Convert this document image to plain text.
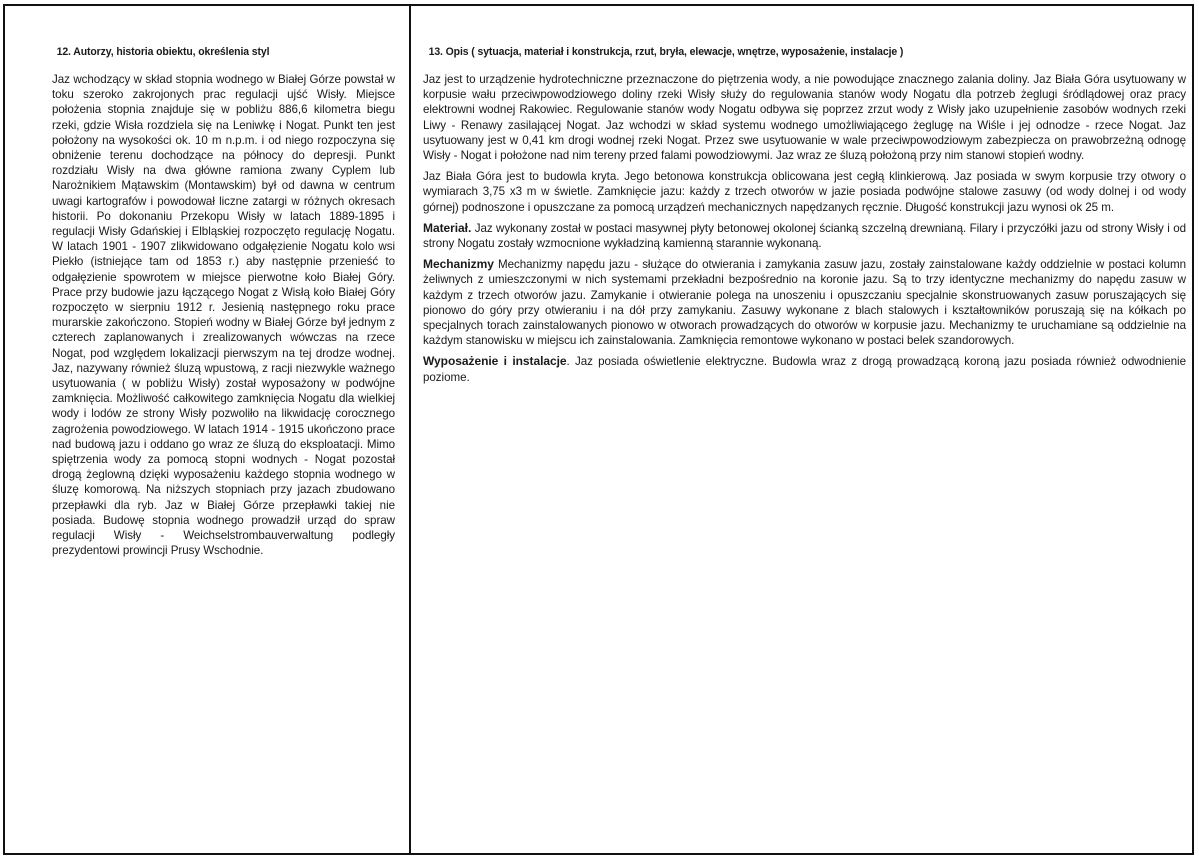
12. Autorzy, historia obiektu, określenia styl
Jaz wchodzący w skład stopnia wodnego w Białej Górze powstał w toku szeroko zakrojonych prac regulacji ujść Wisły. Miejsce położenia stopnia znajduje się w pobliżu 886,6 kilometra biegu rzeki, gdzie Wisła rozdziela się na Leniwkę i Nogat. Punkt ten jest położony na wysokości ok. 10 m n.p.m. i od niego rozpoczyna się obniżenie terenu dochodzące na północy do depresji. Punkt rozdziału Wisły na dwa główne ramiona zwany Cyplem lub Narożnikiem Mątawskim (Montawskim) był od dawna w centrum uwagi kartografów i powodował liczne zatargi w różnych okresach historii. Po dokonaniu Przekopu Wisły w latach 1889-1895 i regulacji Wisły Gdańskiej i Elbląskiej rozpoczęto regulację Nogatu. W latach 1901 - 1907 zlikwidowano odgałęzienie Nogatu kolo wsi Piekło (istniejące tam od 1853 r.) aby następnie przenieść to odgałęzienie spowrotem w miejsce pierwotne koło Białej Góry. Prace przy budowie jazu łączącego Nogat z Wisłą koło Białej Góry rozpoczęto w sierpniu 1912 r. Jesienią następnego roku prace murarskie zakończono. Stopień wodny w Białej Górze był jednym z czterech zaplanowanych i zrealizowanych wówczas na rzece Nogat, pod względem lokalizacji pierwszym na tej drodze wodnej. Jaz, nazywany również śluzą wpustową, z racji niezwykle ważnego usytuowania ( w pobliżu Wisły) został wyposażony w podwójne zamknięcia. Możliwość całkowitego zamknięcia Nogatu dla wielkiej wody i lodów ze strony Wisły pozwoliło na likwidację corocznego zagrożenia powodziowego. W latach 1914 - 1915 ukończono prace nad budową jazu i oddano go wraz ze śluzą do eksploatacji. Mimo spiętrzenia wody za pomocą stopni wodnych - Nogat pozostał drogą żeglowną dzięki wyposażeniu każdego stopnia wodnego w śluzę komorową. Na niższych stopniach przy jazach zbudowano przepławki dla ryb. Jaz w Białej Górze przepławki takiej nie posiada. Budowę stopnia wodnego prowadził urząd do spraw regulacji Wisły - Weichselstrombauverwaltung podległy prezydentowi prowincji Prusy Wschodnie.
13. Opis ( sytuacja, materiał i konstrukcja, rzut, bryła, elewacje, wnętrze, wyposażenie, instalacje )

Jaz jest to urządzenie hydrotechniczne przeznaczone do piętrzenia wody, a nie powodujące znacznego zalania doliny. Jaz Biała Góra usytuowany w korpusie wału przeciwpowodziowego doliny rzeki Wisły służy do regulowania stanów wody Nogatu dla potrzeb żeglugi śródlądowej oraz pracy elektrowni wodnej Rakowiec. Regulowanie stanów wody Nogatu odbywa się poprzez zrzut wody z Wisły jako uzupełnienie zasobów wodnych rzeki Liwy - Renawy zasilającej Nogat. Jaz wchodzi w skład systemu wodnego umożliwiającego żeglugę na Wiśle i jej odnodze - rzece Nogat. Jaz usytuowany jest w 0,41 km drogi wodnej rzeki Nogat. Przez swe usytuowanie w wale przeciwpowodziowym zabezpiecza on prawobrzeżną odnogę Wisły - Nogat i położone nad nim tereny przed falami powodziowymi. Jaz wraz ze śluzą położoną przy nim stanowi stopień wodny.

Jaz Biała Góra jest to budowla kryta. Jego betonowa konstrukcja oblicowana jest cegłą klinkierową. Jaz posiada w swym korpusie trzy otwory o wymiarach 3,75 x3 m w świetle. Zamknięcie jazu: każdy z trzech otworów w jazie posiada podwójne stalowe zasuwy (od wody dolnej i od wody górnej) podnoszone i opuszczane za pomocą urządzeń mechanicznych napędzanych ręcznie. Długość konstrukcji jazu wynosi ok 25 m.

Materiał. Jaz wykonany został w postaci masywnej płyty betonowej okolonej ścianką szczelną drewnianą. Filary i przyczółki jazu od strony Wisły i od strony Nogatu zostały wzmocnione wykładziną kamienną starannie wykonaną.

Mechanizmy Mechanizmy napędu jazu - służące do otwierania i zamykania zasuw jazu, zostały zainstalowane każdy oddzielnie w postaci kolumn żeliwnych z umieszczonymi w nich systemami przekładni bezpośrednio na koronie jazu. Są to trzy identyczne mechanizmy do napędu zasuw w każdym z trzech otworów jazu. Zamykanie i otwieranie polega na unoszeniu i opuszczaniu specjalnie skonstruowanych zasuw poruszających się pionowo do góry przy otwieraniu i na dół przy zamykaniu. Zasuwy wykonane z blach stalowych i kształtowników poruszają się na kółkach po specjalnych torach zainstalowanych pionowo w otworach prowadzących do otworów w korpusie jazu. Mechanizmy te uruchamiane są oddzielnie na każdym stanowisku w miejscu ich zainstalowania. Zamknięcia remontowe wykonano w postaci belek szandorowych.

Wyposażenie i instalacje. Jaz posiada oświetlenie elektryczne. Budowla wraz z drogą prowadzącą koroną jazu posiada również odwodnienie poziome.
